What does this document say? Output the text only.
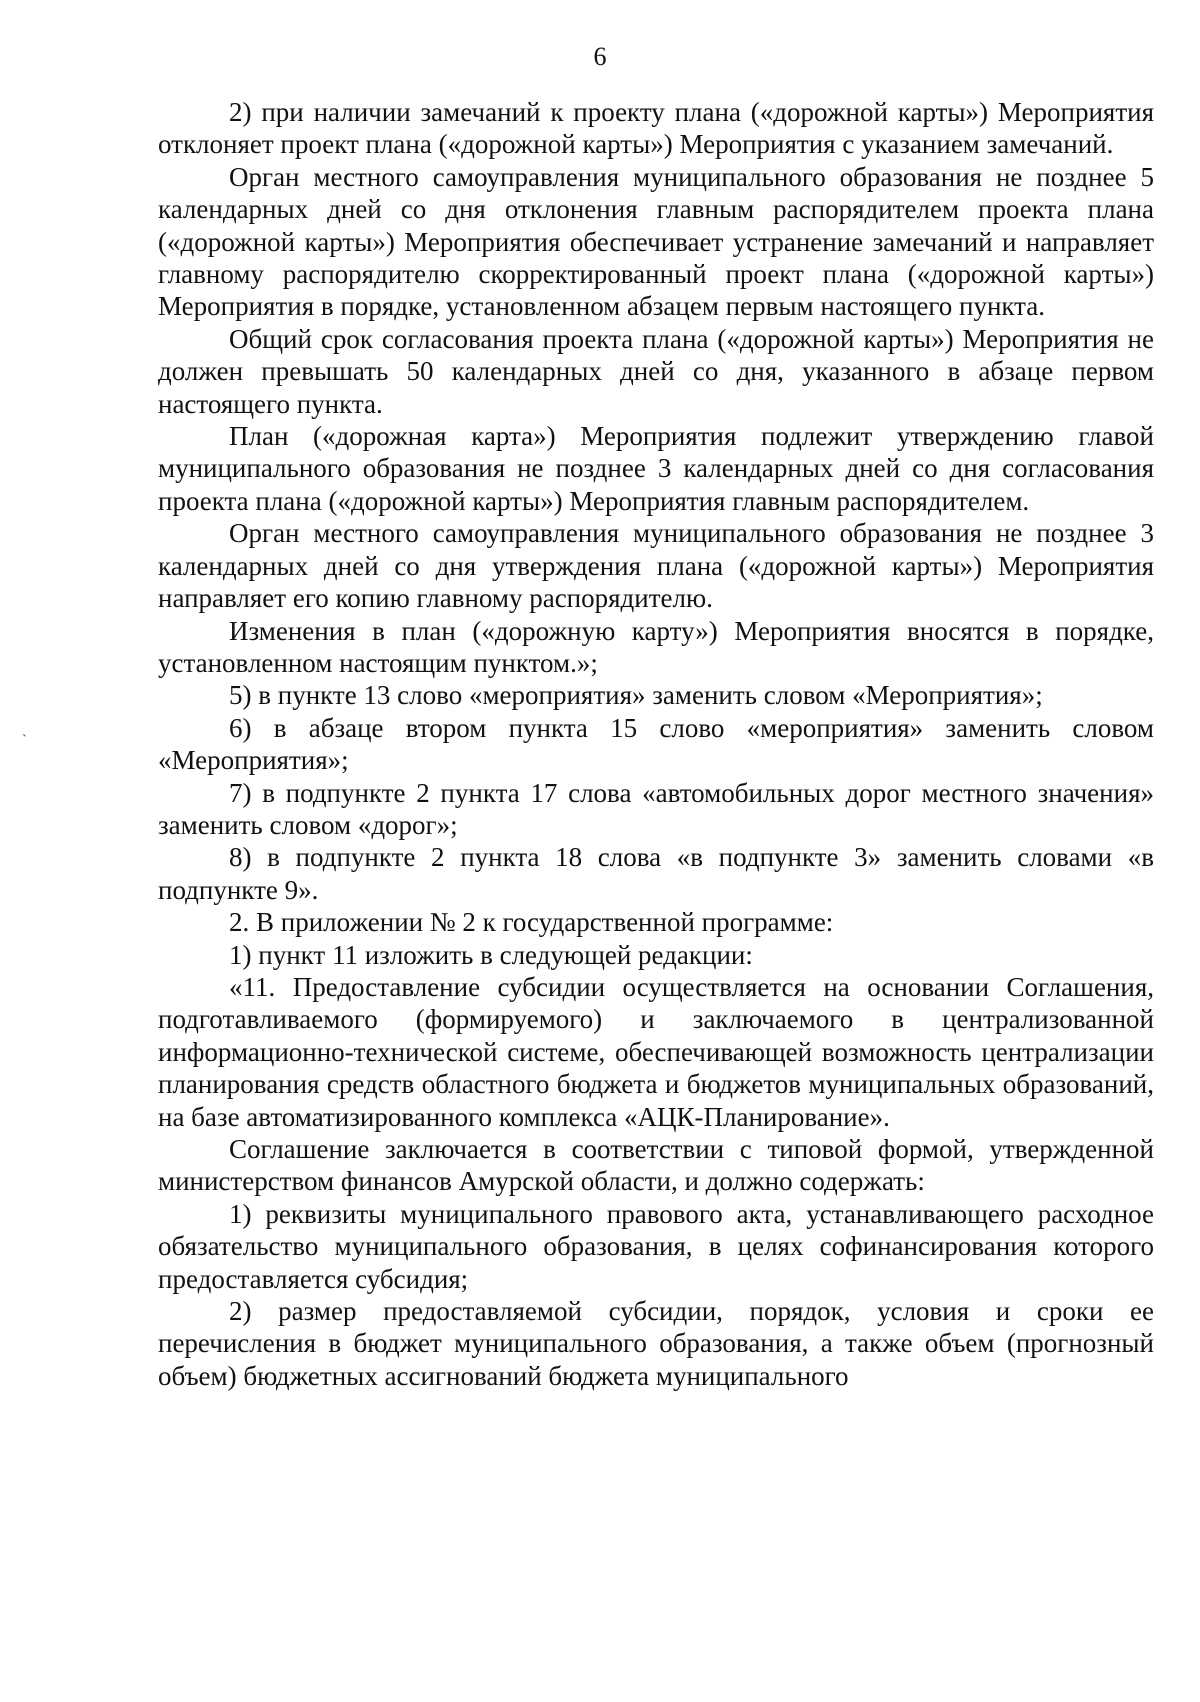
6
`

2) при наличии замечаний к проекту плана («дорожной карты») Мероприятия отклоняет проект плана («дорожной карты») Мероприятия с указанием замечаний.

Орган местного самоуправления муниципального образования не позднее 5 календарных дней со дня отклонения главным распорядителем проекта плана («дорожной карты») Мероприятия обеспечивает устранение замечаний и направляет главному распорядителю скорректированный проект плана («дорожной карты») Мероприятия в порядке, установленном абзацем первым настоящего пункта.

Общий срок согласования проекта плана («дорожной карты») Мероприятия не должен превышать 50 календарных дней со дня, указанного в абзаце первом настоящего пункта.

План («дорожная карта») Мероприятия подлежит утверждению главой муниципального образования не позднее 3 календарных дней со дня согласования проекта плана («дорожной карты») Мероприятия главным распорядителем.

Орган местного самоуправления муниципального образования не позднее 3 календарных дней со дня утверждения плана («дорожной карты») Мероприятия направляет его копию главному распорядителю.

Изменения в план («дорожную карту») Мероприятия вносятся в порядке, установленном настоящим пунктом.»;

5) в пункте 13 слово «мероприятия» заменить словом «Мероприятия»;

6) в абзаце втором пункта 15 слово «мероприятия» заменить словом «Мероприятия»;

7) в подпункте 2 пункта 17 слова «автомобильных дорог местного значения» заменить словом «дорог»;

8) в подпункте 2 пункта 18 слова «в подпункте 3» заменить словами «в подпункте 9».

2. В приложении № 2 к государственной программе:

1) пункт 11 изложить в следующей редакции:

«11. Предоставление субсидии осуществляется на основании Соглашения, подготавливаемого (формируемого) и заключаемого в централизованной информационно-технической системе, обеспечивающей возможность централизации планирования средств областного бюджета и бюджетов муниципальных образований, на базе автоматизированного комплекса «АЦК-Планирование».

Соглашение заключается в соответствии с типовой формой, утвержденной министерством финансов Амурской области, и должно содержать:

1) реквизиты муниципального правового акта, устанавливающего расходное обязательство муниципального образования, в целях софинансирования которого предоставляется субсидия;

2) размер предоставляемой субсидии, порядок, условия и сроки ее перечисления в бюджет муниципального образования, а также объем (прогнозный объем) бюджетных ассигнований бюджета муниципального
